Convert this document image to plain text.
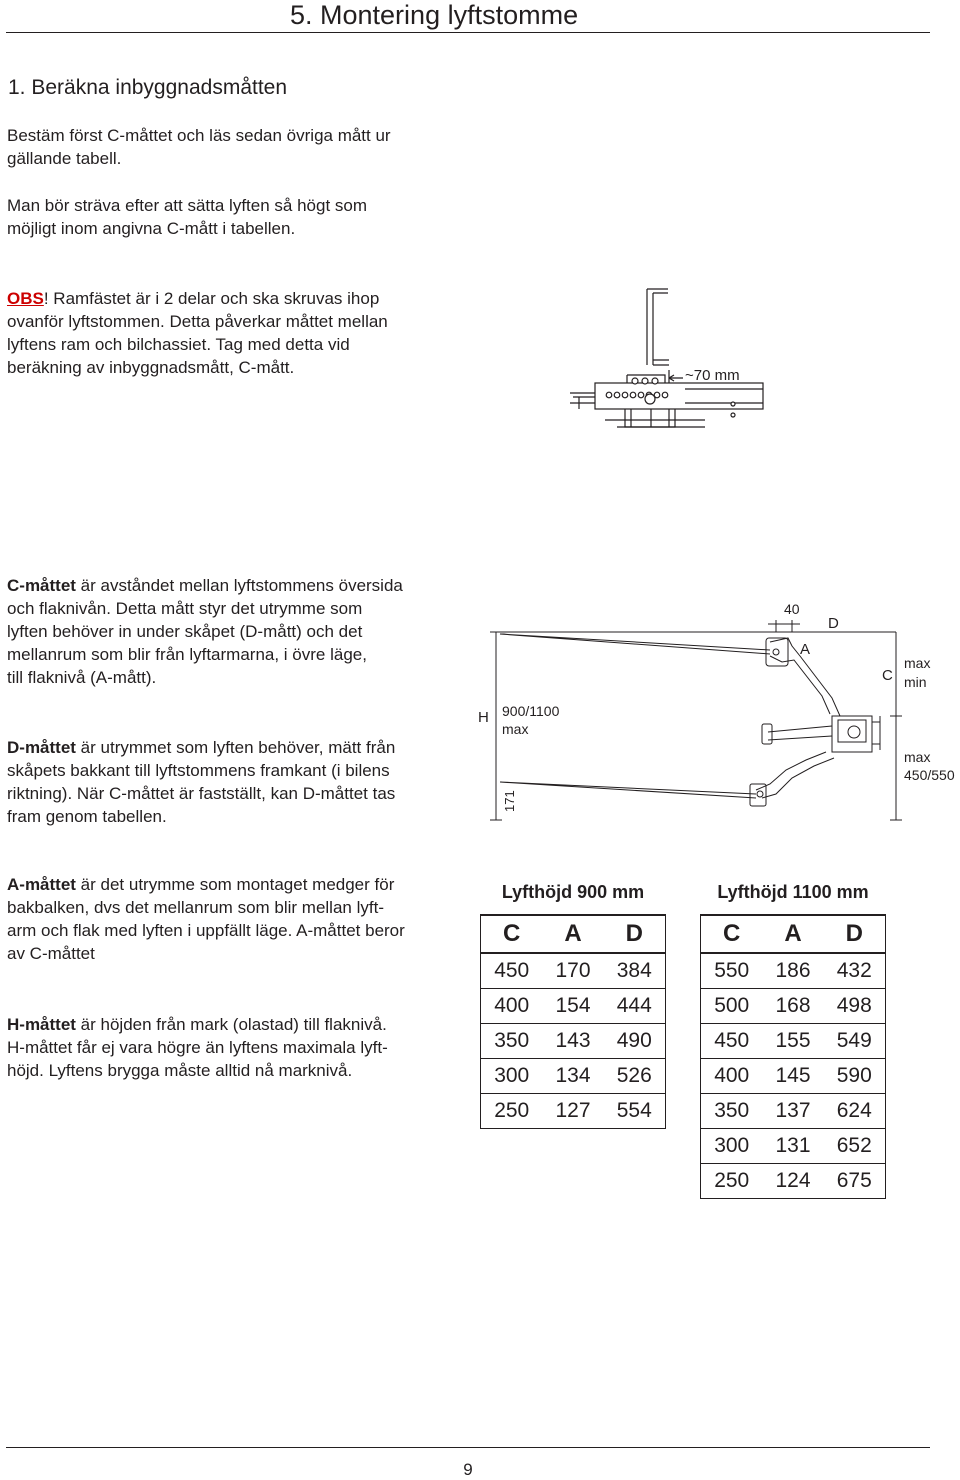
5. Montering lyftstomme
1. Beräkna inbyggnadsmåtten
Bestäm först C-måttet och läs sedan övriga mått ur
gällande tabell.
Man bör sträva efter att sätta lyften så högt som
möjligt inom angivna C-mått i tabellen.
OBS! Ramfästet är i 2 delar och ska skruvas ihop
ovanför lyftstommen. Detta påverkar måttet mellan
lyftens ram och bilchassiet. Tag med detta vid
beräkning av inbyggnadsmått, C-mått.	~70 mm
C-måttet är avståndet mellan lyftstommens översida
och flaknivån. Detta mått styr det utrymme som
lyften behöver in under skåpet (D-mått) och det
mellanrum som blir från lyftarmarna, i övre läge,
till flaknivå (A-mått).
D-måttet är utrymmet som lyften behöver, mätt från
skåpets bakkant till lyftstommens framkant (i bilens
riktning). När C-måttet är fastställt, kan D-måttet tas
fram genom tabellen.
40
D
A
C
max
min
H 900/1100
max
171
max
450/550
A-måttet är det utrymme som montaget medger för
bakbalken, dvs det mellanrum som blir mellan lyft-
arm och flak med lyften i uppfällt läge. A-måttet beror
av C-måttet
H-måttet är höjden från mark (olastad) till flaknivå.
H-måttet får ej vara högre än lyftens maximala lyft-
höjd. Lyftens brygga måste alltid nå marknivå.
Lyfthöjd 900 mm	Lyfthöjd 1100 mm
C	A	D
450	170	384
400	154	444
350	143	490
300	134	526
250	127	554
C	A	D
550	186	432
500	168	498
450	155	549
400	145	590
350	137	624
300	131	652
250	124	675
9
